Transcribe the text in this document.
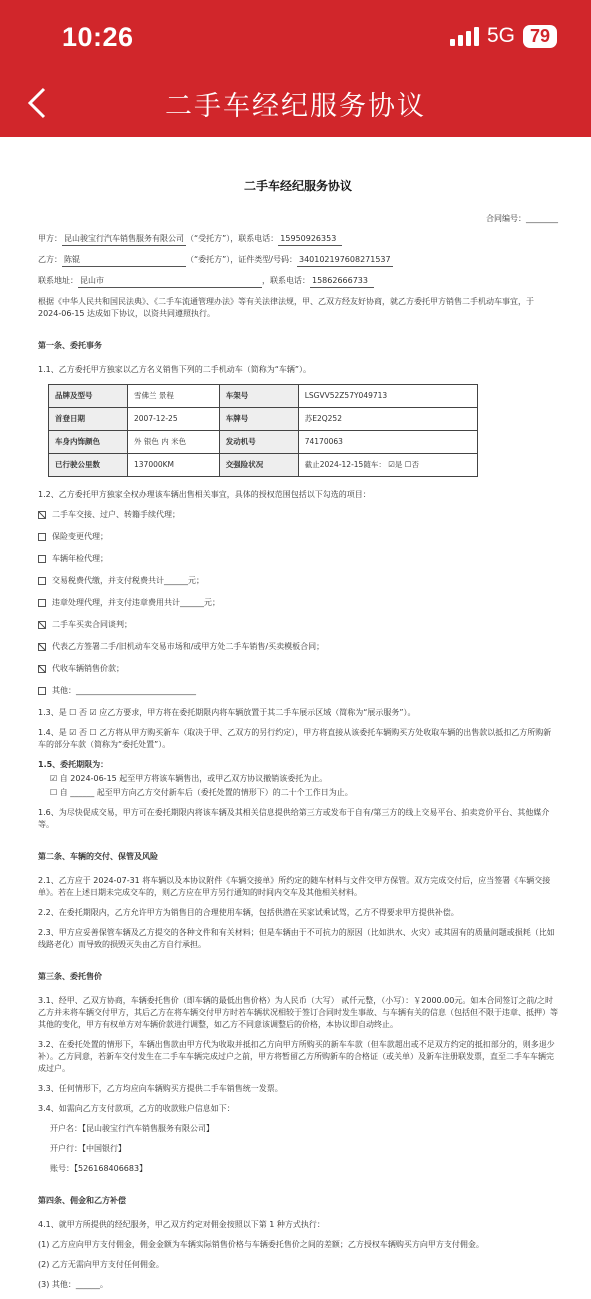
10:26	5G 79
二手车经纪服务协议
二手车经纪服务协议
合同编号：________
甲方： 昆山骏宝行汽车销售服务有限公司 （“受托方”），联系电话： 15950926353
乙方： 陈锟	（“委托方”），证件类型/号码： 340102197608271537
联系地址： 昆山市	，联系电话： 15862666733

根据《中华人民共和国民法典》、《二手车流通管理办法》等有关法律法规，甲、乙双方经友好协商，就乙方委托甲方销售二手机动车事宜，于 2024-06-15 达成如下协议，以资共同遵照执行。

第一条、委托事务

1.1、乙方委托甲方独家以乙方名义销售下列的二手机动车（简称为“车辆”）。

品牌及型号	雪佛兰 景程	车架号	LSGVV52Z57Y049713
首登日期	2007-12-25	车牌号	苏E2Q252
车身内饰颜色	外 银色 内 米色	发动机号	74170063
已行驶公里数	137000KM	交强险状况	截止2024-12-15随车： ☑是 ☐否

1.2、乙方委托甲方独家全权办理该车辆出售相关事宜，具体的授权范围包括以下勾选的项目：

二手车交接、过户、转籍手续代理；
保险变更代理；
车辆年检代理；
交易税费代缴，并支付税费共计______元；
违章处理代理，并支付违章费用共计______元；
二手车买卖合同谈判；
代表乙方签署二手/旧机动车交易市场和/或甲方处二手车销售/买卖模板合同；
代收车辆销售价款；
其他：______________________________

1.3、是 ☐ 否 ☑ 应乙方要求，甲方将在委托期限内将车辆放置于其二手车展示区域（简称为“展示服务”）。

1.4、是 ☑ 否 ☐ 乙方将从甲方购买新车（取决于甲、乙双方的另行约定），甲方将直接从该委托车辆购买方处收取车辆的出售款以抵扣乙方所购新车的部分车款（简称为“委托处置”）。

1.5、委托期限为：

☑ 自 2024-06-15 起至甲方将该车辆售出，或甲乙双方协议撤销该委托为止。

☐ 自 ______ 起至甲方向乙方交付新车后（委托处置的情形下）的二十个工作日为止。

1.6、为尽快促成交易，甲方可在委托期限内将该车辆及其相关信息提供给第三方或发布于自有/第三方的线上交易平台、拍卖竞价平台、其他媒介等。

第二条、车辆的交付、保管及风险

2.1、乙方应于 2024-07-31 将车辆以及本协议附件《车辆交接单》所约定的随车材料与文件交甲方保管。双方完成交付后，应当签署《车辆交接单》。若在上述日期未完成交车的，则乙方应在甲方另行通知的时间内交车及其他相关材料。

2.2、在委托期限内，乙方允许甲方为销售目的合理使用车辆，包括供潜在买家试乘试驾，乙方不得要求甲方提供补偿。

2.3、甲方应妥善保管车辆及乙方提交的各种文件和有关材料；但是车辆由于不可抗力的原因（比如洪水、火灾）或其固有的质量问题或损耗（比如线路老化）而导致的损毁灭失由乙方自行承担。

第三条、委托售价

3.1、经甲、乙双方协商，车辆委托售价（即车辆的最低出售价格）为人民币（大写） 贰仟元整，（小写）：￥2000.00元。如本合同签订之前/之时乙方并未将车辆交付甲方，其后乙方在将车辆交付甲方时若车辆状况相较于签订合同时发生事故、与车辆有关的信息（包括但不限于违章、抵押）等其他的变化，甲方有权单方对车辆价款进行调整，如乙方不同意该调整后的价格，本协议即自动终止。

3.2、在委托处置的情形下，车辆出售款由甲方代为收取并抵扣乙方向甲方所购买的新车车款（但车款超出或不足双方约定的抵扣部分的，则多退少补）。乙方同意，若新车交付发生在二手车车辆完成过户之前，甲方将暂留乙方所购新车的合格证（或关单）及新车注册联发票，直至二手车车辆完成过户。

3.3、任何情形下，乙方均应向车辆购买方提供二手车销售统一发票。

3.4、如需向乙方支付款项，乙方的收款账户信息如下：

开户名：【昆山骏宝行汽车销售服务有限公司】

开户行：【中国银行】

账号：【526168406683】

第四条、佣金和乙方补偿

4.1、就甲方所提供的经纪服务，甲乙双方约定对佣金按照以下第 1 种方式执行：

(1) 乙方应向甲方支付佣金，佣金金额为车辆实际销售价格与车辆委托售价之间的差额；乙方授权车辆购买方向甲方支付佣金。

(2) 乙方无需向甲方支付任何佣金。

(3) 其他：______。
